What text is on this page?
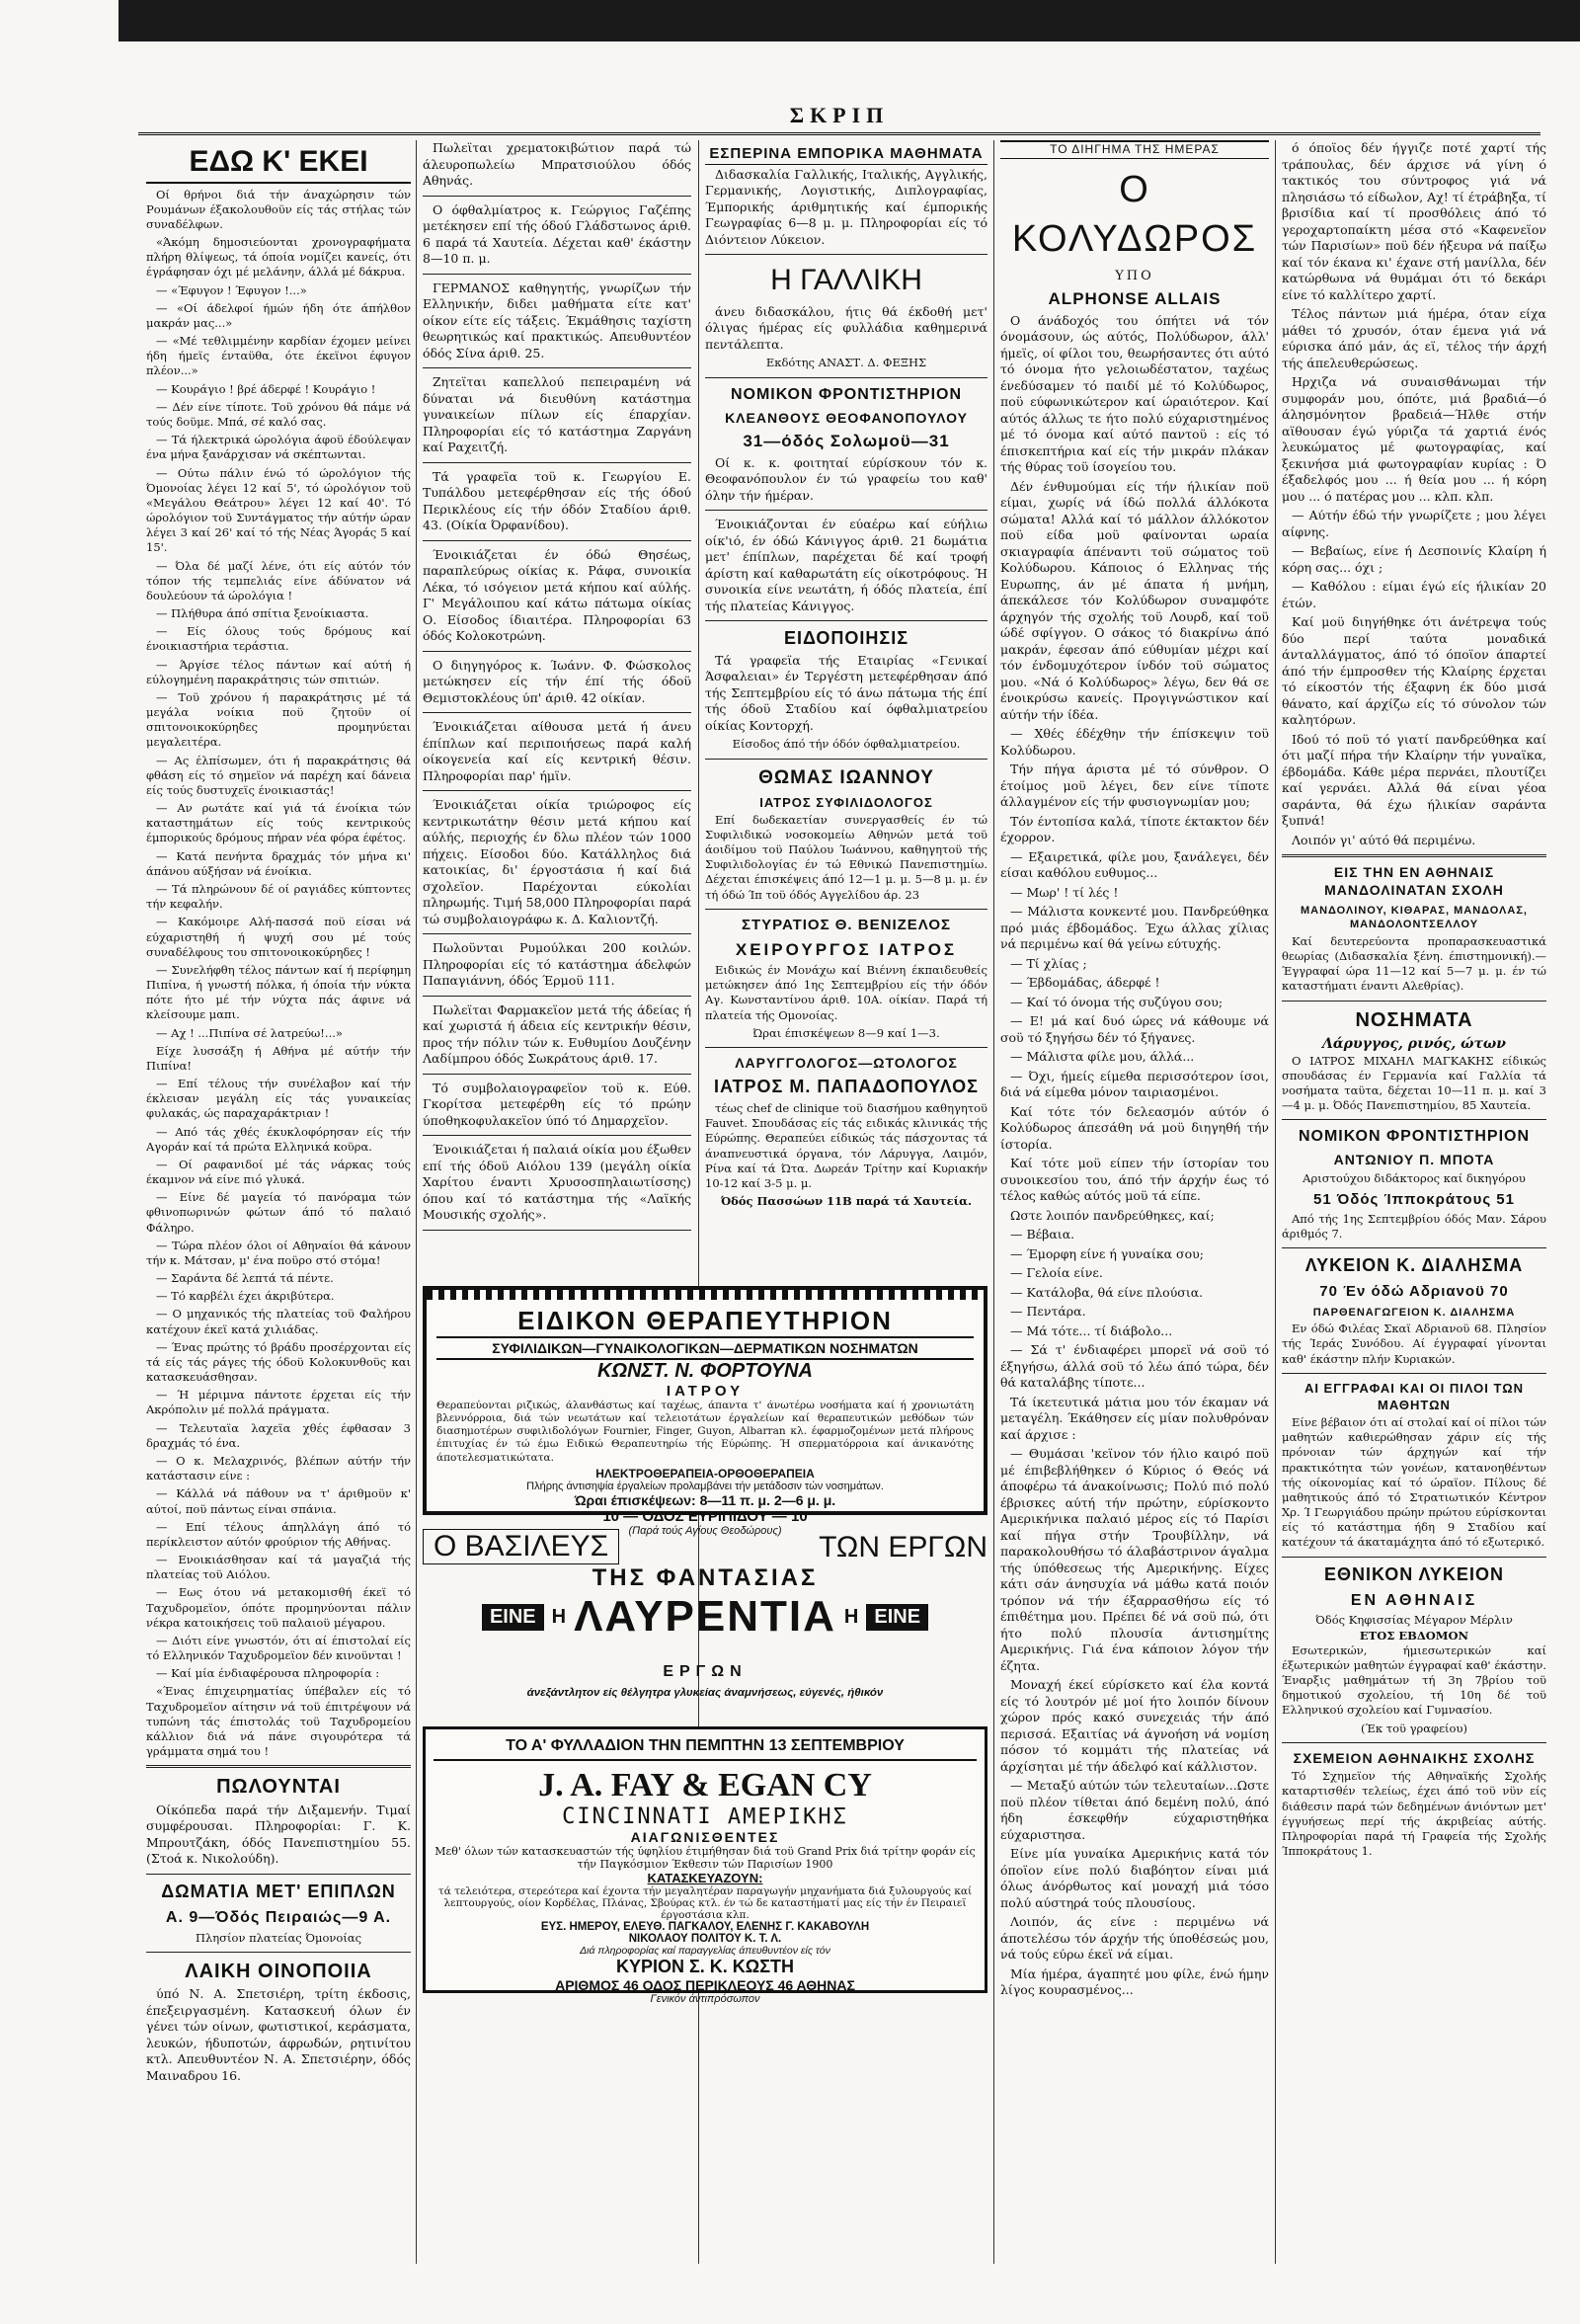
ΣΚΡΙΠ
ΕΔΩ Κ' ΕΚΕΙ

Οί θρήνοι διά τήν άναχώρησιν τών Ρουμάνων έξακολουθοϋν είς τάς στήλας τών συναδέλφων.

«Άκόμη δημοσιεύονται χρονογραφήματα πλήρη θλίψεως, τά όποία νομίζει κανείς, ότι έγράφησαν όχι μέ μελάνην, άλλά μέ δάκρυα.

— «Έφυγον ! Έφυγον !...»

— «Οί άδελφοί ήμών ήδη ότε άπήλθον μακράν μας...»

— «Μέ τεθλιμμένην καρδίαν έχομεν μείνει ήδη ήμεϊς ένταϋθα, ότε έκεϊνοι έφυγον πλέον...»

— Κουράγιο ! βρέ άδερφέ ! Κουράγιο !

— Δέν είνε τίποτε. Τοϋ χρόνου θά πάμε νά τούς δοϋμε. Μπά, σέ καλό σας.

— Τά ήλεκτρικά ώρολόγια άφοϋ έδούλεψαν ένα μήνα ξανάρχισαν νά σκέπτωνται.

— Ούτω πάλιν ένώ τό ώρολόγιον τής Όμονοίας λέγει 12 καί 5', τό ώρολόγιον τοϋ «Μεγάλου Θεάτρου» λέγει 12 καί 40'. Τό ώρολόγιον τοϋ Συντάγματος τήν αύτήν ώραν λέγει 3 καί 26' καί τό τής Νέας Άγοράς 5 καί 15'.

— Όλα δέ μαζί λένε, ότι είς αύτόν τόν τόπον τής τεμπελιάς είνε άδύνατον νά δουλεύουν τά ώρολόγια !

— Πλήθυρα άπό σπίτια ξενοίκιαστα.

— Είς όλους τούς δρόμους καί ένοικιαστήρια τεράστια.

— Άργίσε τέλος πάντων καί αύτή ή εύλογημένη παρακράτησις τών σπιτιών.

— Τοϋ χρόνου ή παρακράτησις μέ τά μεγάλα νοίκια ποϋ ζητοϋν οί σπιτονοικοκύρηδες προμηνύεται μεγαλειτέρα.

— Ας έλπίσωμεν, ότι ή παρακράτησις θά φθάση είς τό σημεϊον νά παρέχη καί δάνεια είς τούς δυστυχεϊς ένοικιαστάς!

— Αν ρωτάτε καί γιά τά ένοίκια τών καταστημάτων είς τούς κεντρικούς έμπορικούς δρόμους πήραν νέα φόρα έφέτος.

— Κατά πενήντα δραχμάς τόν μήνα κι' άπάνου αύξήσαν νά ένοίκια.

— Τά πληρώνουν δέ οί ραγιάδες κύπτοντες τήν κεφαλήν.

— Κακόμοιρε Αλή-πασσά ποϋ είσαι νά εύχαριστηθή ή ψυχή σου μέ τούς συναδέλφους του σπιτονοικοκύρηδες !

— Συνελήφθη τέλος πάντων καί ή περίφημη Πιπίνα, ή γνωστή πόλκα, ή όποία τήν νύκτα πότε ήτο μέ τήν νύχτα πάς άφινε νά κλείσουμε μαπι.

— Αχ ! ...Πιπίνα σέ λατρεύω!...»

Είχε λυσσάξη ή Αθήνα μέ αύτήν τήν Πιπίνα!

— Επί τέλους τήν συνέλαβον καί τήν έκλεισαν μεγάλη είς τάς γυναικείας φυλακάς, ώς παραχαράκτριαν !

— Από τάς χθές έκυκλοφόρησαν είς τήν Αγοράν καί τά πρώτα Ελληνικά κοϋρα.

— Οί ραφανιδοί μέ τάς νάρκας τούς έκαμνον νά είνε πιό γλυκά.

— Είνε δέ μαγεία τό πανόραμα τών φθινοπωρινών φώτων άπό τό παλαιό Φάληρο.

— Τώρα πλέον όλοι οί Αθηναίοι θά κάνουν τήν κ. Μάτσαν, μ' ένα ποϋρο στό στόμα!

— Σαράντα δέ λεπτά τά πέντε.

— Τό καρβέλι έχει άκριβύτερα.

— Ο μηχανικός τής πλατείας τοϋ Φαλήρου κατέχουν έκεϊ κατά χιλιάδας.

— Ένας πρώτης τό βράδυ προσέρχονται είς τά είς τάς ράγες τής όδοϋ Κολοκυνθοϋς και κατασκευάσθησαν.

— Ή μέριμνα πάντοτε έρχεται είς τήν Ακρόπολιν μέ πολλά πράγματα.

— Τελευταϊα λαχεϊα χθές έφθασαν 3 δραχμάς τό ένα.

— Ο κ. Μελαχρινός, βλέπων αύτήν τήν κατάστασιν είνε :

— Κάλλά νά πάθουν να τ' άριθμοϋν κ' αύτοί, ποϋ πάντως είναι σπάνια.

— Επί τέλους άπηλλάγη άπό τό περίκλειστον αύτόν φρούριον τής Αθήνας.

— Ενοικιάσθησαν καί τά μαγαζιά τής πλατείας τοϋ Αιόλου.

— Εως ότου νά μετακομισθή έκεϊ τό Ταχυδρομεϊον, όπότε προμηνύονται πάλιν νέκρα κατοικήσεις τοϋ παλαιοϋ μέγαρου.

— Διότι είνε γνωστόν, ότι αί έπιστολαί είς τό Ελληνικόν Ταχυδρομεϊον δέν κινοϋνται !

— Καί μία ένδιαφέρουσα πληροφορία :

«Ένας έπιχειρηματίας ύπέβαλεν είς τό Ταχυδρομεϊον αίτησιν νά τοϋ έπιτρέψουν νά τυπώνη τάς έπιστολάς τοϋ Ταχυδρομείου κάλλιον διά νά πάνε σιγουρότερα τά γράμματα σημά του !

ΠΩΛΟΥΝΤΑΙ

Οίκόπεδα παρά τήν Διξαμενήν. Τιμαί συμφέρουσαι. Πληροφορίαι: Γ. Κ. Μπρουτζάκη, όδός Πανεπιστημίου 55. (Στοά κ. Νικολούδη).

ΔΩΜΑΤΙΑ ΜΕΤ' ΕΠΙΠΛΩΝ
Α. 9—Όδός Πειραιώς—9 Α.
Πλησίον πλατείας Όμονοίας
ΛΑΙΚΗ ΟΙΝΟΠΟΙΙΑ

ύπό Ν. Α. Σπετσιέρη, τρίτη έκδοσις, έπεξειργασμένη. Κατασκευή όλων έν γένει τών οίνων, φωτιστικοί, κεράσματα, λευκών, ήδυποτών, άφρωδών, ρητινίτου κτλ. Απευθυντέον Ν. Α. Σπετσιέρην, όδός Μαιναδρου 16.

Πωλεϊται χρεματοκιβώτιον παρά τώ άλευροπωλείω Μπρατσιούλου όδός Αθηνάς.

Ο όφθαλμίατρος κ. Γεώργιος Γαζέπης μετέκησεν επί τής όδού Γλάδστωνος άριθ. 6 παρά τά Χαυτεία. Δέχεται καθ' έκάστην 8—10 π. μ.

ΓΕΡΜΑΝΟΣ καθηγητής, γνωρίζων τήν Ελληνικήν, διδει μαθήματα είτε κατ' οίκον είτε είς τάξεις. Έκμάθησις ταχίστη θεωρητικώς καί πρακτικώς. Απευθυντέον όδός Σίνα άριθ. 25.

Ζητεϊται καπελλού πεπειραμένη νά δύναται νά διευθύνη κατάστημα γυναικείων πίλων είς έπαρχίαν. Πληροφορίαι είς τό κατάστημα Ζαργάνη καί Ραχειτζή.

Τά γραφεϊα τοϋ κ. Γεωργίου Ε. Τυπάλδου μετεφέρθησαν είς τής όδού Περικλέους είς τήν όδόν Σταδίου άριθ. 43. (Οίκία Όρφανίδου).

Ένοικιάζεται έν όδώ Θησέως, παραπλεύρως οίκίας κ. Ράφα, συνοικία Λέκα, τό ισόγειον μετά κήπου καί αύλής. Γ' Μεγάλοιπου καί κάτω πάτωμα οίκίας Ο. Είσοδος ίδιαιτέρα. Πληροφορίαι 63 όδός Κολοκοτρώνη.

Ο διηγηγόρος κ. Ίωάνν. Φ. Φώσκολος μετώκησεν είς τήν έπί τής όδοϋ Θεμιστοκλέους ύπ' άριθ. 42 οίκίαν.

Ένοικιάζεται αίθουσα μετά ή άνευ έπίπλων καί περιποιήσεως παρά καλή οίκογενεία καί είς κεντρική θέσιν. Πληροφορίαι παρ' ήμϊν.

Ένοικιάζεται οίκία τριώροφος είς κεντρικωτάτην θέσιν μετά κήπου καί αύλής, περιοχής έν δλω πλέον τών 1000 πήχεις. Είσοδοι δύο. Κατάλληλος διά κατοικίας, δι' έργοστάσια ή καί διά σχολεϊον. Παρέχονται εύκολίαι πληρωμής. Τιμή 58,000 Πληροφορίαι παρά τώ συμβολαιογράφω κ. Δ. Καλιοντζή.

Πωλοϋνται Ρυμούλκαι 200 κοιλών. Πληροφορίαι είς τό κατάστημα άδελφών Παπαγιάννη, όδός Έρμοϋ 111.

Πωλεϊται Φαρμακεϊον μετά τής άδείας ή καί χωριστά ή άδεια είς κεντρικήν θέσιν, προς τήν πόλιν τών κ. Ευθυμίου Δουζένην Λαδίμπρου όδός Σωκράτους άριθ. 17.

Τό συμβολαιογραφεϊον τοϋ κ. Εύθ. Γκορίτσα μετεφέρθη είς τό πρώην ύποθηκοφυλακεϊον ύπό τό Δημαρχεϊον.

Ένοικιάζεται ή παλαιά οίκία μου έξωθεν επί τής όδοϋ Αιόλου 139 (μεγάλη οίκία Χαρίτου έναντι Χρυσοσπηλαιωτίσσης) όπου καί τό κατάστημα τής «Λαϊκής Μουσικής σχολής».

ΕΣΠΕΡΙΝΑ ΕΜΠΟΡΙΚΑ ΜΑΘΗΜΑΤΑ

Διδασκαλία Γαλλικής, Ιταλικής, Αγγλικής, Γερμανικής, Λογιστικής, Διπλογραφίας, Έμπορικής άριθμητικής καί έμπορικής Γεωγραφίας 6—8 μ. μ. Πληροφορίαι είς τό Διόντειον Λύκειον.

Η ΓΑΛΛΙΚΗ

άνευ διδασκάλου, ήτις θά έκδοθή μετ' όλιγας ήμέρας είς φυλλάδια καθημερινά πεντάλεπτα.

Εκδότης ΑΝΑΣΤ. Δ. ΦΕΞΗΣ
ΝΟΜΙΚΟΝ ΦΡΟΝΤΙΣΤΗΡΙΟΝ
ΚΛΕΑΝΘΟΥΣ ΘΕΟΦΑΝΟΠΟΥΛΟΥ
31—όδός Σολωμοϋ—31

Οί κ. κ. φοιτηταί εύρίσκουν τόν κ. Θεοφανόπουλον έν τώ γραφείω του καθ' όλην τήν ήμέραν.

Ένοικιάζονται έν εύαέρω καί εύήλιω οίκ'ιό, έν όδώ Κάνιγγος άριθ. 21 δωμάτια μετ' έπίπλων, παρέχεται δέ καί τροφή άρίστη καί καθαρωτάτη είς οίκοτρόφους. Ή συνοικία είνε νεωτάτη, ή όδός πλατεία, έπί τής πλατείας Κάνιγγος.

ΕΙΔΟΠΟΙΗΣΙΣ

Τά γραφεϊα τής Εταιρίας «Γενικαί Άσφαλειαι» έν Τεργέστη μετεφέρθησαν άπό τής Σεπτεμβρίου είς τό άνω πάτωμα τής έπί τής όδοϋ Σταδίου καί όφθαλμιατρείου οίκίας Κοντορχή.

Είσοδος άπό τήν όδόν όφθαλμιατρείου.
ΘΩΜΑΣ ΙΩΑΝΝΟΥ
ΙΑΤΡΟΣ ΣΥΦΙΛΙΔΟΛΟΓΟΣ

Επί δωδεκαετίαν συνεργασθείς έν τώ Συφιλιδικώ νοσοκομείω Αθηνών μετά τοϋ άοιδίμου τοϋ Παύλου Ίωάννου, καθηγητοϋ τής Συφιλιδολογίας έν τώ Εθνικώ Πανεπιστημίω. Δέχεται έπισκέψεις άπό 12—1 μ. μ. 5—8 μ. μ. έν τή όδώ Ίπ τοϋ όδός Αγγελίδου άρ. 23

ΣΤΥΡΑΤΙΟΣ Θ. ΒΕΝΙΖΕΛΟΣ
ΧΕΙΡΟΥΡΓΟΣ ΙΑΤΡΟΣ

Ειδικώς έν Μονάχω καί Βιέννη έκπαιδευθείς μετώκησεν άπό 1ης Σεπτεμβρίου είς τήν όδόν Αγ. Κωνσταντίνου άριθ. 10Α. οίκίαν. Παρά τή πλατεία τής Ομονοίας.

Ώραι έπισκέψεων 8—9 καί 1—3.
ΛΑΡΥΓΓΟΛΟΓΟΣ—ΩΤΟΛΟΓΟΣ
ΙΑΤΡΟΣ Μ. ΠΑΠΑΔΟΠΟΥΛΟΣ

τέως chef de clinique τοϋ διασήμου καθηγητοϋ Fauvet. Σπουδάσας είς τάς ειδικάς κλινικάς τής Εύρώπης. Θεραπεύει είδικώς τάς πάσχοντας τά άναπνευστικά όργανα, τόν Λάρυγγα, Λαιμόν, Ρίνα καί τά Ώτα. Δωρεάν Τρίτην καί Κυριακήν 10-12 καί 3-5 μ. μ.

Όδός Πασσώων 11Β παρά τά Χαυτεία.
ΕΙΔΙΚΟΝ ΘΕΡΑΠΕΥΤΗΡΙΟΝ
ΣΥΦΙΛΙΔΙΚΩΝ—ΓΥΝΑΙΚΟΛΟΓΙΚΩΝ—ΔΕΡΜΑΤΙΚΩΝ ΝΟΣΗΜΑΤΩΝ
ΚΩΝΣΤ. Ν. ΦΟΡΤΟΥΝΑ
ΙΑΤΡΟΥ
Θεραπεύονται ριζικώς, άλανθάστως καί ταχέως, άπαντα τ' άνωτέρω νοσήματα καί ή χρονιωτάτη βλεννόρροια, διά τών νεωτάτων καί τελειοτάτων έργαλείων καί θεραπευτικών μεθόδων τών διασημοτέρων συφιλιδολόγων Fournier, Finger, Guyon, Albarran κλ. έφαρμοζομένων μετά πλήρους έπιτυχίας έν τώ έμω Ειδικώ Θεραπευτηρίω τής Εύρώπης. Ή σπερματόρροια καί άνικανότης άποτελεσματικώτατα.
ΗΛΕΚΤΡΟΘΕΡΑΠΕΙΑ-ΟΡΘΟΘΕΡΑΠΕΙΑ
Πλήρης άντισηψία έργαλείων προλαμβάνει τήν μετάδοσιν τών νοσημάτων.
Ώραι έπισκέψεων: 8—11 π. μ. 2—6 μ. μ.
10 — ΟΔΟΣ ΕΥΡΙΠΙΔΟΥ — 10
(Παρά τούς Αγίους Θεοδώρους)
Ο ΒΑΣΙΛΕΥΣ	ΤΩΝ ΕΡΓΩΝ
ΤΗΣ ΦΑΝΤΑΣΙΑΣ
ΕΙΝΕ Η ΛΑΥΡΕΝΤΙΑ Η ΕΙΝΕ
ΕΡΓΩΝ
άνεξάντλητον είς θέλγητρα γλυκείας άναμνήσεως, εύγενές, ήθικόν
ΤΟ Α' ΦΥΛΛΑΔΙΟΝ ΤΗΝ ΠΕΜΠΤΗΝ 13 ΣΕΠΤΕΜΒΡΙΟΥ
J. A. FAY & EGAN CY
CINCINNATI ΑΜΕΡΙΚΗΣ
ΑΙΑΓΩΝΙΣΘΕΝΤΕΣ
Μεθ' όλων τών κατασκευαστών τής ύφηλίου έτιμήθησαν διά τοϋ Grand Prix διά τρίτην φοράν είς τήν Παγκόσμιον Έκθεσιν τών Παρισίων 1900
ΚΑΤΑΣΚΕΥΑΖΟΥΝ:
τά τελειότερα, στερεότερα καί έχοντα τήν μεγαλητέραν παραγωγήν μηχανήματα διά ξυλουργούς καί λεπτουργούς, οίον Κορδέλας, Πλάνας, Σβούρας κτλ. έν τώ δε καταστήματί μας είς τήν έν Πειραιεϊ έργοστάσια κλπ.
ΕΥΣ. ΗΜΕΡΟΥ, ΕΛΕΥΘ. ΠΑΓΚΑΛΟΥ, ΕΛΕΝΗΣ Γ. ΚΑΚΑΒΟΥΛΗ
ΝΙΚΟΛΑΟΥ ΠΟΛΙΤΟΥ Κ. Τ. Λ.
Διά πληροφορίας καί παραγγελίας άπευθυντέον είς τόν
ΚΥΡΙΟΝ Σ. Κ. ΚΩΣΤΗ
ΑΡΙΘΜΟΣ 46 ΟΔΟΣ ΠΕΡΙΚΛΕΟΥΣ 46 ΑΘΗΝΑΣ
Γενικόν άντιπρόσωπον
ΤΟ ΔΙΗΓΗΜΑ ΤΗΣ ΗΜΕΡΑΣ
Ο ΚΟΛΥΔΩΡΟΣ
ΥΠΟ
ALPHONSE ALLAIS

Ο άνάδοχός του όπήτει νά τόν όνομάσουν, ώς αύτός, Πολύδωρον, άλλ' ήμεϊς, οί φίλοι του, θεωρήσαντες ότι αύτό τό όνομα ήτο γελοιωδέστατον, ταχέως ένεδύσαμεν τό παιδί μέ τό Κολύδωρος, ποϋ εύφωνικώτερον καί ώραιότερον. Καί αύτός άλλως τε ήτο πολύ εύχαριστημένος μέ τό όνομα καί αύτό παντοϋ : είς τό έπισκεπτήρια καί είς τήν μικράν πλάκαν τής θύρας τοϋ ίσογείου του.

Δέν ένθυμούμαι είς τήν ήλικίαν ποϋ είμαι, χωρίς νά ίδώ πολλά άλλόκοτα σώματα! Αλλά καί τό μάλλον άλλόκοτον ποϋ είδα μοϋ φαίνονται ωραία σκιαγραφία άπέναντι τοϋ σώματος τοϋ Κολύδωρου. Κάποιος ό Ελληνας τής Ευρωπης, άν μέ άπατα ή μνήμη, άπεκάλεσε τόν Κολύδωρον συναμφότε άρχηγόν τής σχολής τοϋ Λουρδ, καί τοϋ ώδέ σφίγγον. Ο σάκος τό διακρίνω άπό μακράν, έφεσαν άπό εύθυμίαν μέχρι καί τόν ένδομυχότερον ίνδόν τοϋ σώματος μου. «Νά ό Κολύδωρος» λέγω, δεν θά σε ένοικρύσω κανείς. Προγιγνώστικον καί αύτήν τήν ίδέα.

— Χθές έδέχθην τήν έπίσκεψιν τοϋ Κολύδωρου.

Τήν πήγα άριστα μέ τό σύνθρον. Ο έτοίμος μοϋ λέγει, δεν είνε τίποτε άλλαγμένον είς τήν φυσιογνωμίαν μου;

Τόν έντοπίσα καλά, τίποτε έκτακτον δέν έχορρον.

— Εξαιρετικά, φίλε μου, ξανάλεγει, δέν είσαι καθόλου ευθυμος...

— Μωρ' ! τί λές !

— Μάλιστα κονκεντέ μου. Πανδρεύθηκα πρό μιάς έβδομάδος. Έχω άλλας χίλιας νά περιμένω καί θά γείνω εύτυχής.

— Τί χλίας ;

— Έβδομάδας, άδερφέ !

— Καί τό όνομα τής συζύγου σου;

— Ε! μά καί δυό ώρες νά κάθουμε νά σοϋ τό ξηγήσω δέν τό ξήγανες.

— Μάλιστα φίλε μου, άλλά...

— Όχι, ήμείς είμεθα περισσότερον ίσοι, διά νά είμεθα μόνον ταιριασμένοι.

Καί τότε τόν δελεασμόν αύτόν ό Κολύδωρος άπεσάθη νά μοϋ διηγηθή τήν ίστορία.

Καί τότε μοϋ είπεν τήν ίστορίαν του συνοικεσίου του, άπό τήν άρχήν έως τό τέλος καθώς αύτός μοϋ τά είπε.

Ωστε λοιπόν πανδρεύθηκες, καί;

— Βέβαια.

— Έμορφη είνε ή γυναίκα σου;

— Γελοία είνε.

— Κατάλοβα, θά είνε πλούσια.

— Πεντάρα.

— Μά τότε... τί διάβολο...

— Σά τ' ένδιαφέρει μπορεϊ νά σοϋ τό έξηγήσω, άλλά σοϋ τό λέω άπό τώρα, δέν θά καταλάβης τίποτε...

Τά ίκετευτικά μάτια μου τόν έκαμαν νά μεταγέλη. Έκάθησεν είς μίαν πολυθρόναν καί άρχισε :

— Θυμάσαι 'κεϊνον τόν ήλιο καιρό ποϋ μέ έπιβεβλήθηκεν ό Κύριος ό Θεός νά άποφέρω τά άνακοίνωσις; Πολύ πιό πολύ έβρισκες αύτή τήν πρώτην, εύρίσκοντο Αμερικήνικα παλαιό μέρος είς τό Παρίσι καί πήγα στήν Τρουβίλλην, νά παρακολουθήσω τό άλαβάστρινον άγαλμα τής ύπόθεσεως τής Αμερικήνης. Είχες κάτι σάν άνησυχία νά μάθω κατά ποιόν τρόπον νά τήν έξαρρασθήσω είς τό έπιθέτημα μου. Πρέπει δέ νά σοϋ πώ, ότι ήτο πολύ πλουσία άντισημίτης Αμερικήνις. Γιά ένα κάποιον λόγον τήν έζητα.

Μοναχή έκεί εύρίσκετο καί έλα κοντά είς τό λουτρόν μέ μοί ήτο λοιπόν δίνουν χώρον πρός κακό συνεχειάς τήν άπό περισσά. Εξαιτίας νά άγνοήση νά νομίση πόσον τό κομμάτι τής πλατείας νά άρχίσηται μέ τήν άδελφό καί κάλλιστον.

— Μεταξύ αύτών τών τελευταίων...Ωστε ποϋ πλέον τίθεται άπό δεμένη πολύ, άπό ήδη έσκεφθήν εύχαριστηθήκα εύχαριστησα.

Είνε μία γυναίκα Αμερικήνις κατά τόν όποϊον είνε πολύ διαβόητον είναι μιά όλως άνόρθωτος καί μοναχή μιά τόσο πολύ αύστηρά τούς πλουσίους.

Λοιπόν, άς είνε : περιμένω νά άποτελέσω τόν άρχήν τής ύποθέσεώς μου, νά τούς εύρω έκεϊ νά είμαι.

Μία ήμέρα, άγαπητέ μου φίλε, ένώ ήμην λίγος κουρασμένος...

ό όποϊος δέν ήγγιζε ποτέ χαρτί τής τράπουλας, δέν άρχισε νά γίνη ό τακτικός του σύντροφος γιά νά πλησιάσω τό είδωλον, Αχ! τί έτράβηξα, τί βρισίδια καί τί προσθόλεις άπό τό γεροχαρτοπαίκτη μέσα στό «Καφενεϊον τών Παρισίων» ποϋ δέν ήξευρα νά παίξω καί τόν έκανα κι' έχανε στή μανίλλα, δέν κατώρθωνα νά θυμάμαι ότι τό δεκάρι είνε τό καλλίτερο χαρτί.

Τέλος πάντων μιά ήμέρα, όταν είχα μάθει τό χρυσόν, όταν έμενα γιά νά εύρισκα άπό μάν, άς εϊ, τέλος τήν άρχή τής άπελευθερώσεως.

Ηρχιζα νά συναισθάνωμαι τήν συμφοράν μου, όπότε, μιά βραδιά—ό άλησμόνητον βραδειά—Ήλθε στήν αϊθουσαν έγώ γύριζα τά χαρτιά ένός λευκώματος μέ φωτογραφίας, καί ξεκινήσα μιά φωτογραφίαν κυρίας : Ό έξαδελφός μου ... ή θεία μου ... ή κόρη μου ... ό πατέρας μου ... κλπ. κλπ.

— Αύτήν έδώ τήν γνωρίζετε ; μου λέγει αίφνης.

— Βεβαίως, είνε ή Δεσποινίς Κλαίρη ή κόρη σας... όχι ;

— Καθόλου : είμαι έγώ είς ήλικίαν 20 έτών.

Καί μοϋ διηγήθηκε ότι άνέτρεψα τούς δύο περί ταύτα μοναδικά άνταλλάγματος, άπό τό όποϊον άπαρτεί άπό τήν έμπροσθεν τής Κλαίρης έρχεται τό είκοστόν τής έξαφνη έκ δύο μισά θάνατο, καί άρχίζω είς τό σύνολον τών καλητόρων.

Ιδού τό ποϋ τό γιατί πανδρεύθηκα καί ότι μαζί πήρα τήν Κλαίρην τήν γυναϊκα, έβδομάδα. Κάθε μέρα περνάει, πλουτίζει καί γερνάει. Αλλά θά είναι γέοα σαράντα, θά έχω ήλικίαν σαράντα ξυπνά!

Λοιπόν γι' αύτό θά περιμένω.

ΕΙΣ ΤΗΝ ΕΝ ΑΘΗΝΑΙΣ ΜΑΝΔΟΛΙΝΑΤΑΝ ΣΧΟΛΗ
ΜΑΝΔΟΛΙΝΟΥ, ΚΙΘΑΡΑΣ, ΜΑΝΔΟΛΑΣ, ΜΑΝΔΟΛΟΝΤΣΕΛΛΟΥ

Καί δευτερεύοντα προπαρασκευαστικά θεωρίας (Διδασκαλία ξένη. έπιστημονική).—Έγγραφαί ώρα 11—12 καί 5—7 μ. μ. έν τώ καταστήματι έναντι Αλεθρίας).

ΝΟΣΗΜΑΤΑ
Λάρυγγος, ρινός, ώτων

Ο ΙΑΤΡΟΣ ΜΙΧΑΗΛ ΜΑΓΚΑΚΗΣ είδικώς σπουδάσας έν Γερμανία καί Γαλλία τά νοσήματα ταϋτα, δέχεται 10—11 π. μ. καί 3—4 μ. μ. Όδός Πανεπιστημίου, 85 Χαυτεία.

ΝΟΜΙΚΟΝ ΦΡΟΝΤΙΣΤΗΡΙΟΝ
ΑΝΤΩΝΙΟΥ Π. ΜΠΟΤΑ
Αριστούχου διδάκτορος καί δικηγόρου
51 Όδός Ίπποκράτους 51

Από τής 1ης Σεπτεμβρίου όδός Μαν. Σάρου άριθμός 7.

ΛΥΚΕΙΟΝ Κ. ΔΙΑΛΗΣΜΑ
70 Έν όδώ Αδριανοϋ 70
ΠΑΡΘΕΝΑΓΩΓΕΙΟΝ Κ. ΔΙΑΛΗΣΜΑ

Εν όδώ Φιλέας Σκαϊ Αδριανοϋ 68. Πλησίον τής Ίεράς Συνόδου. Αί έγγραφαί γίνονται καθ' έκάστην πλήν Κυριακών.

ΑΙ ΕΓΓΡΑΦΑΙ ΚΑΙ ΟΙ ΠΙΛΟΙ ΤΩΝ ΜΑΘΗΤΩΝ

Είνε βέβαιον ότι αί στολαί καί οί πίλοι τών μαθητών καθιερώθησαν χάριν είς τής πρόνοιαν τών άρχηγών καί τήν πρακτικότητα τών γονέων, κατανοηθέντων τής οίκονομίας καί τό ώραϊον. Πίλους δέ μαθητικούς άπό τό Στρατιωτικόν Κέντρον Χρ. Ί Γεωργιάδου πρώην πρώτου εύρίσκονται είς τό κατάστημα ήδη 9 Σταδίου καί κατέχουν τά άκαταμάχητα άπό τό εξωτερικό.

ΕΘΝΙΚΟΝ ΛΥΚΕΙΟΝ
ΕΝ ΑΘΗΝΑΙΣ
Όδός Κηφισσίας Μέγαρον Μέρλιν
ΕΤΟΣ ΕΒΔΟΜΟΝ

Εσωτερικών, ήμιεσωτερικών καί έξωτερικών μαθητών έγγραφαί καθ' έκάστην. Έναρξις μαθημάτων τή 3η 7βρίου τοϋ δημοτικού σχολείου, τή 10η δέ τοϋ Ελληνικού σχολείου καί Γυμνασίου.

(Έκ τοϋ γραφείου)
ΣΧΕΜΕΙΟΝ ΑΘΗΝΑΙΚΗΣ ΣΧΟΛΗΣ

Τό Σχημεϊον τής Αθηναϊκής Σχολής καταρτισθέν τελείως, έχει άπό τοϋ νϋν είς διάθεσιν παρά τών δεδημένων άνιόντων μετ' έγγυήσεως περί τής άκριβείας αύτής. Πληροφορίαι παρά τή Γραφεία τής Σχολής Ίπποκράτους 1.
